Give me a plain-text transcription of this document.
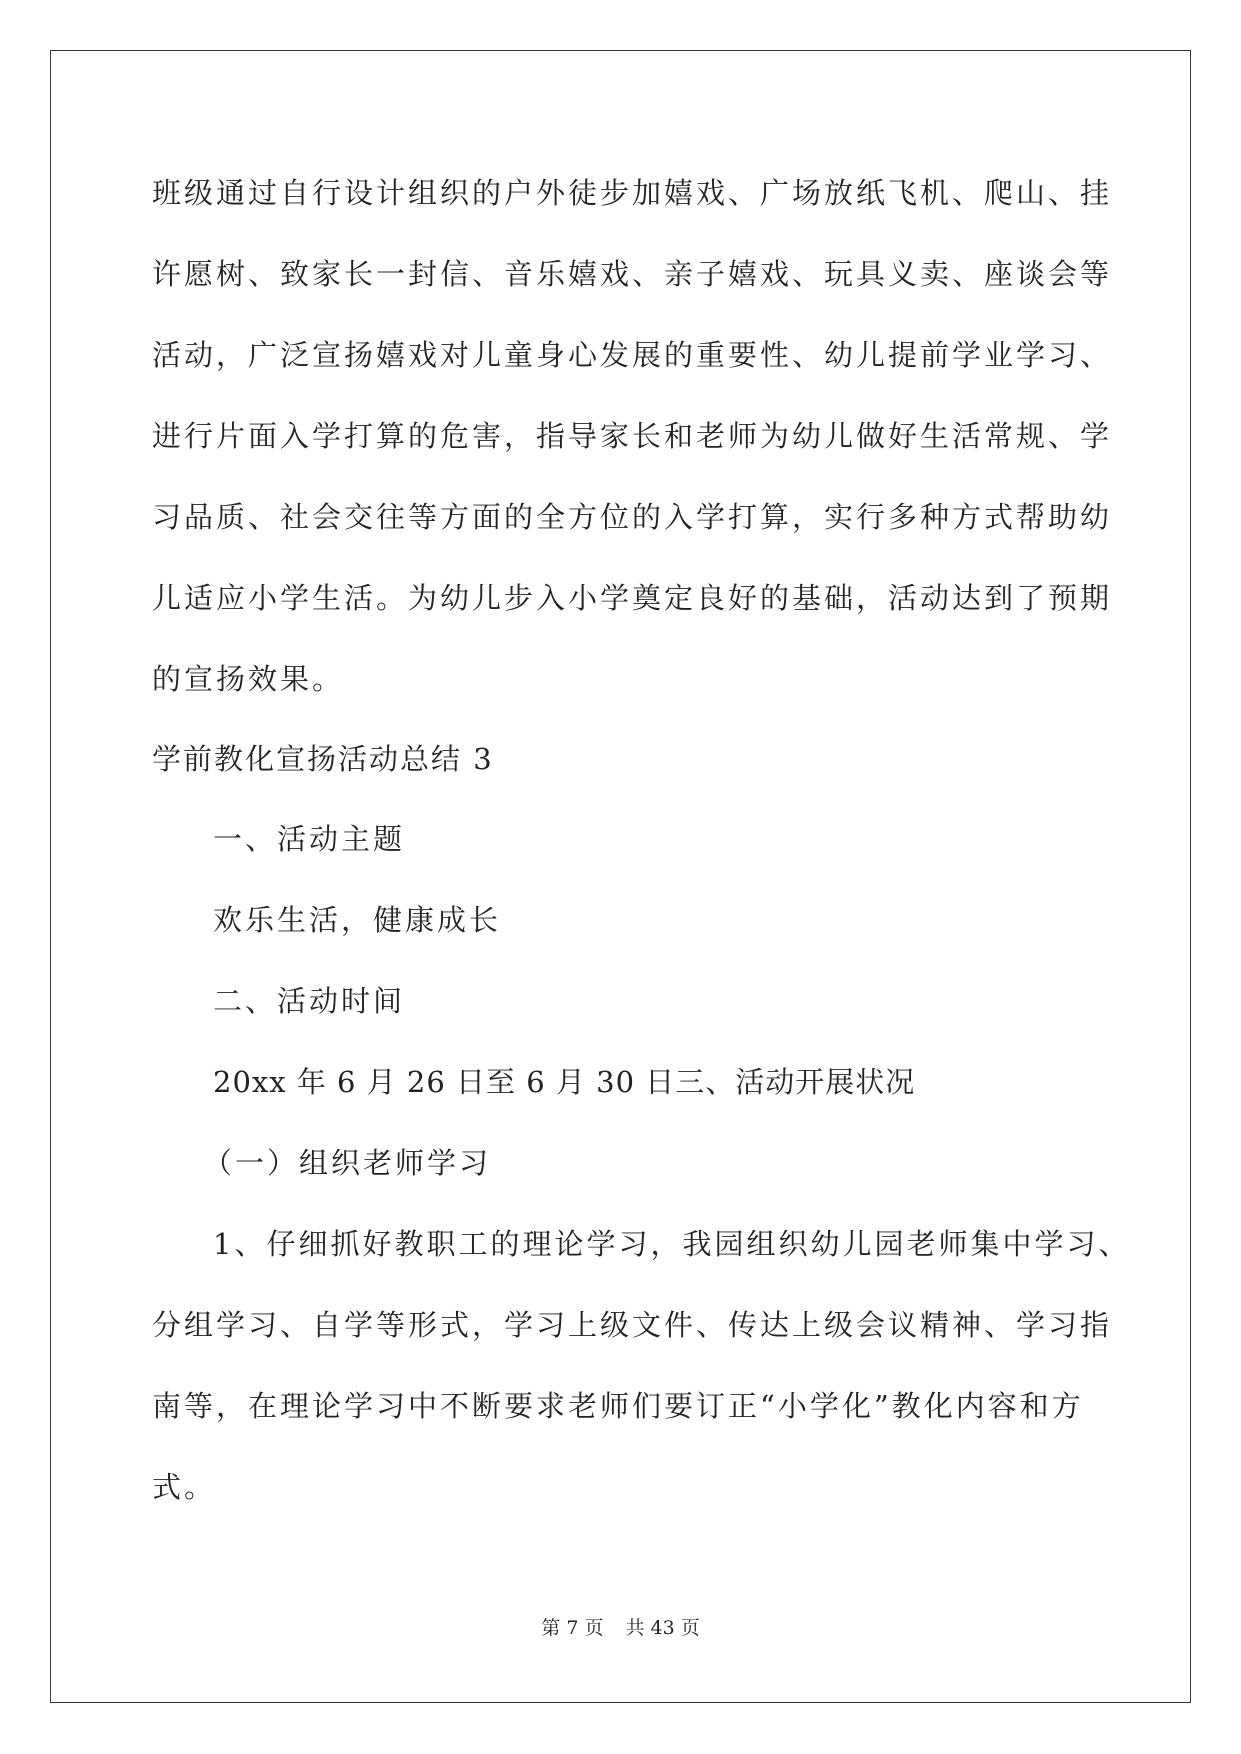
班级通过自行设计组织的户外徒步加嬉戏、广场放纸飞机、爬山、挂
许愿树、致家长一封信、音乐嬉戏、亲子嬉戏、玩具义卖、座谈会等
活动，广泛宣扬嬉戏对儿童身心发展的重要性、幼儿提前学业学习、
进行片面入学打算的危害，指导家长和老师为幼儿做好生活常规、学
习品质、社会交往等方面的全方位的入学打算，实行多种方式帮助幼
儿适应小学生活。为幼儿步入小学奠定良好的基础，活动达到了预期
的宣扬效果。
学前教化宣扬活动总结 3
一、活动主题
欢乐生活，健康成长
二、活动时间
20xx 年 6 月 26 日至 6 月 30 日三、活动开展状况
（一）组织老师学习
1、仔细抓好教职工的理论学习，我园组织幼儿园老师集中学习、
分组学习、自学等形式，学习上级文件、传达上级会议精神、学习指
南等，在理论学习中不断要求老师们要订正“小学化”教化内容和方
式。
第 7 页 共 43 页
